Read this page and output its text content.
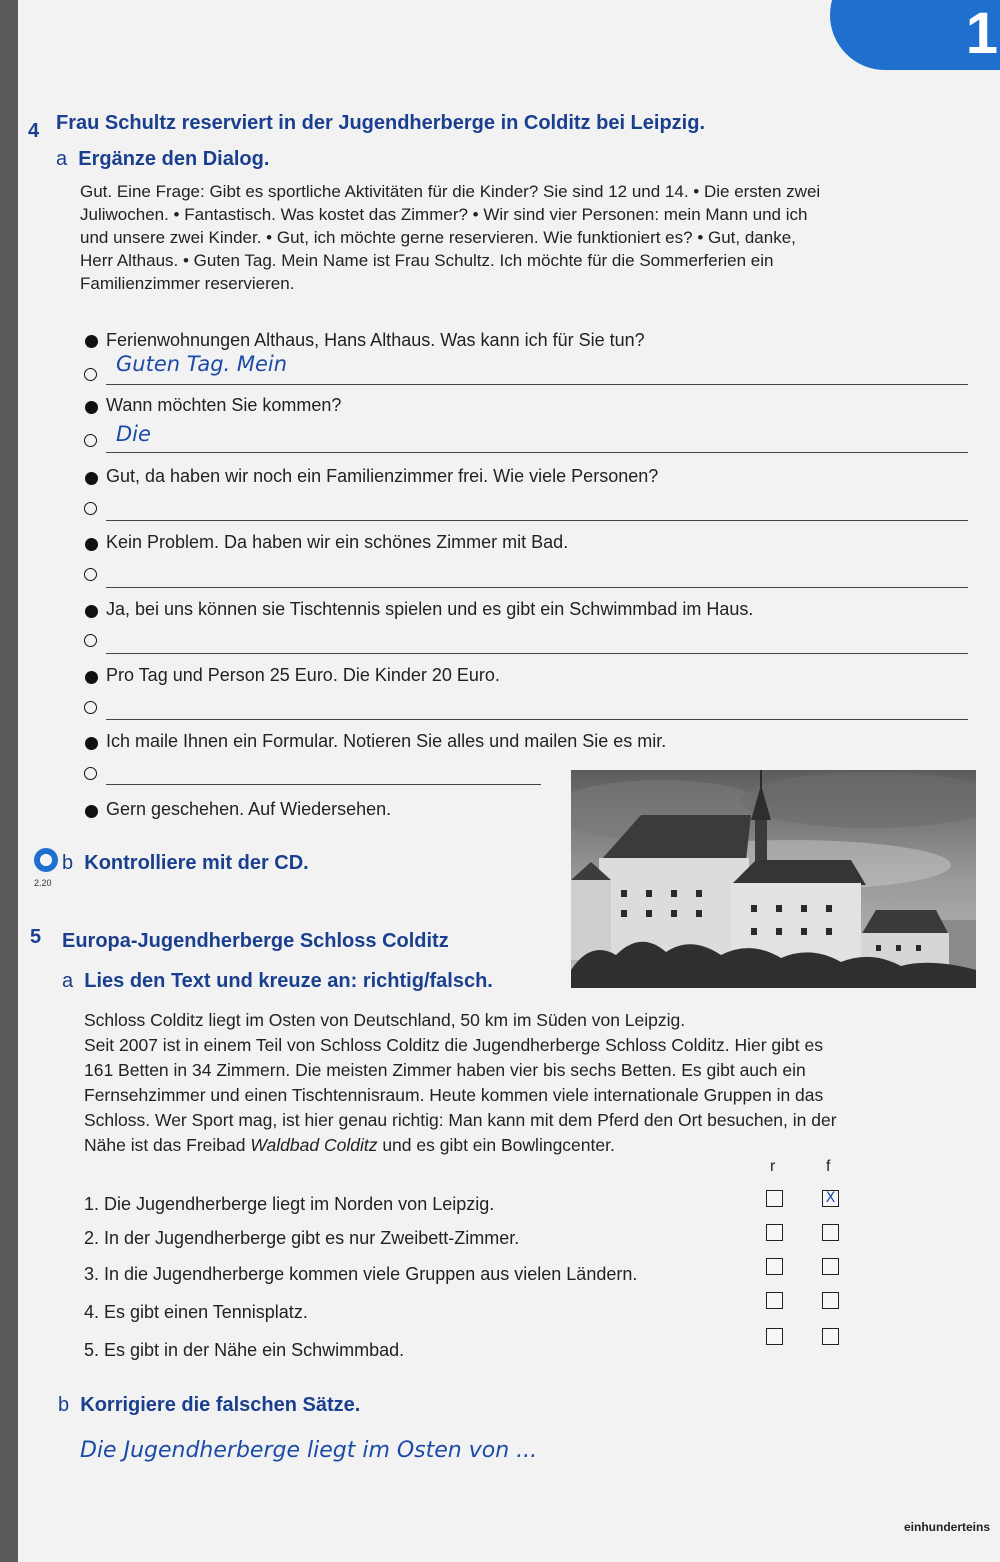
1
4 Frau Schultz reserviert in der Jugendherberge in Colditz bei Leipzig.
a Ergänze den Dialog.
Gut. Eine Frage: Gibt es sportliche Aktivitäten für die Kinder? Sie sind 12 und 14. • Die ersten zwei
Juliwochen. • Fantastisch. Was kostet das Zimmer? • Wir sind vier Personen: mein Mann und ich
und unsere zwei Kinder. • Gut, ich möchte gerne reservieren. Wie funktioniert es? • Gut, danke,
Herr Althaus. • Guten Tag. Mein Name ist Frau Schultz. Ich möchte für die Sommerferien ein
Familienzimmer reservieren.
Ferienwohnungen Althaus, Hans Althaus. Was kann ich für Sie tun?
Guten Tag. Mein
Wann möchten Sie kommen?
Die
Gut, da haben wir noch ein Familienzimmer frei. Wie viele Personen?
Kein Problem. Da haben wir ein schönes Zimmer mit Bad.
Ja, bei uns können sie Tischtennis spielen und es gibt ein Schwimmbad im Haus.
Pro Tag und Person 25 Euro. Die Kinder 20 Euro.
Ich maile Ihnen ein Formular. Notieren Sie alles und mailen Sie es mir.
Gern geschehen. Auf Wiedersehen.
2.20
b Kontrolliere mit der CD.
5 Europa-Jugendherberge Schloss Colditz
a Lies den Text und kreuze an: richtig/falsch.
Schloss Colditz liegt im Osten von Deutschland, 50 km im Süden von Leipzig.
Seit 2007 ist in einem Teil von Schloss Colditz die Jugendherberge Schloss Colditz. Hier gibt es
161 Betten in 34 Zimmern. Die meisten Zimmer haben vier bis sechs Betten. Es gibt auch ein
Fernsehzimmer und einen Tischtennisraum. Heute kommen viele internationale Gruppen in das
Schloss. Wer Sport mag, ist hier genau richtig: Man kann mit dem Pferd den Ort besuchen, in der
Nähe ist das Freibad Waldbad Colditz und es gibt ein Bowlingcenter.
r	f
1. Die Jugendherberge liegt im Norden von Leipzig.	X
2. In der Jugendherberge gibt es nur Zweibett-Zimmer.
3. In die Jugendherberge kommen viele Gruppen aus vielen Ländern.
4. Es gibt einen Tennisplatz.
5. Es gibt in der Nähe ein Schwimmbad.
b Korrigiere die falschen Sätze.
Die Jugendherberge liegt im Osten von ...
einhunderteins
